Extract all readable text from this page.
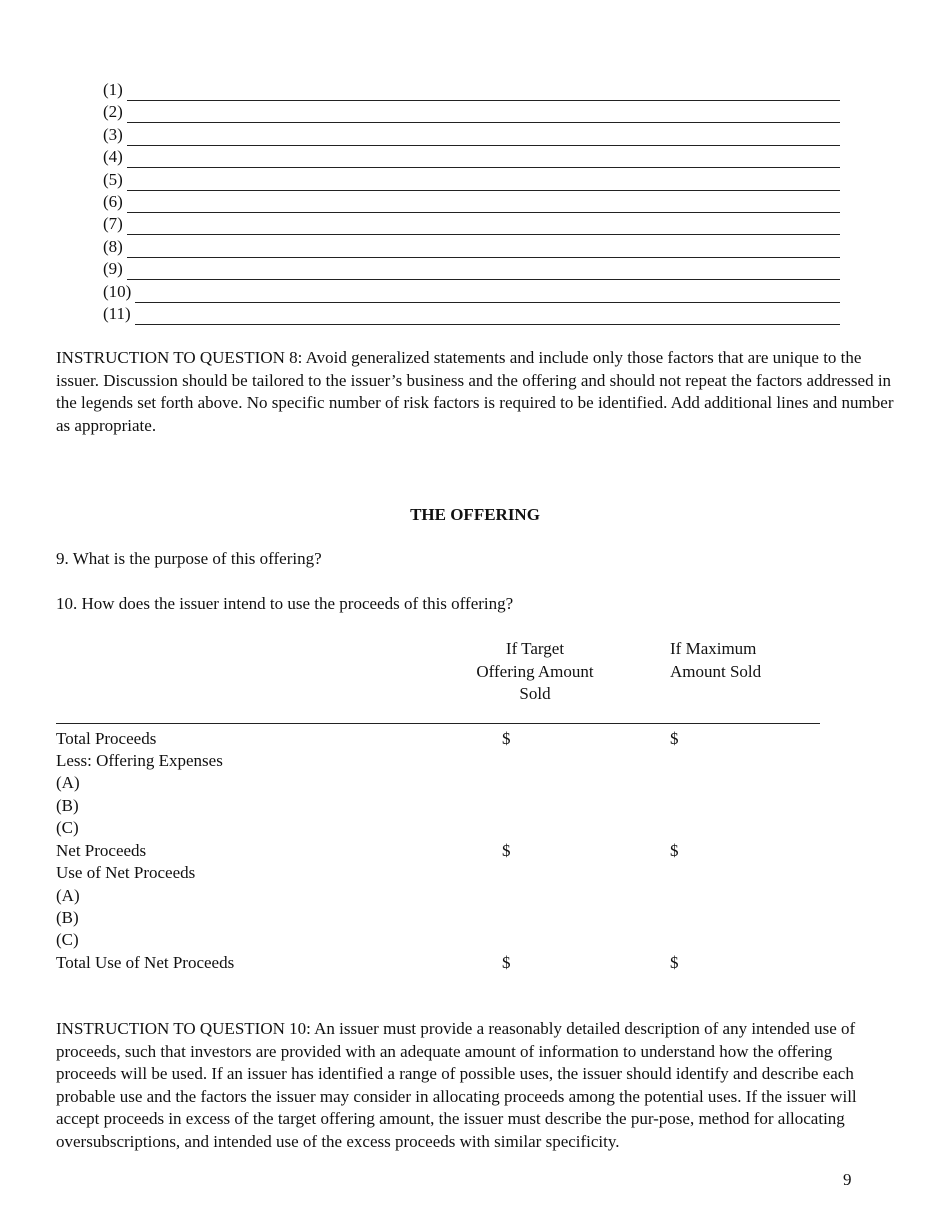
(1)
(2)
(3)
(4)
(5)
(6)
(7)
(8)
(9)
(10)
(11)

INSTRUCTION TO QUESTION 8: Avoid generalized statements and include only those factors that are unique to the issuer. Discussion should be tailored to the issuer’s business and the offering and should not repeat the factors addressed in the legends set forth above. No specific number of risk factors is required to be identified. Add additional lines and number as appropriate.

THE OFFERING
9. What is the purpose of this offering?
10. How does the issuer intend to use the proceeds of this offering?
If Target
Offering Amount
Sold
If Maximum
Amount Sold
Total Proceeds	$	$
Less: Offering Expenses
(A)
(B)
(C)
Net Proceeds	$	$
Use of Net Proceeds
(A)
(B)
(C)
Total Use of Net Proceeds	$	$

INSTRUCTION TO QUESTION 10: An issuer must provide a reasonably detailed description of any intended use of proceeds, such that investors are provided with an adequate amount of information to understand how the offering proceeds will be used. If an issuer has identified a range of possible uses, the issuer should identify and describe each probable use and the factors the issuer may consider in allocating proceeds among the potential uses. If the issuer will accept proceeds in excess of the target offering amount, the issuer must describe the pur-pose, method for allocating oversubscriptions, and intended use of the excess proceeds with similar specificity.

9
